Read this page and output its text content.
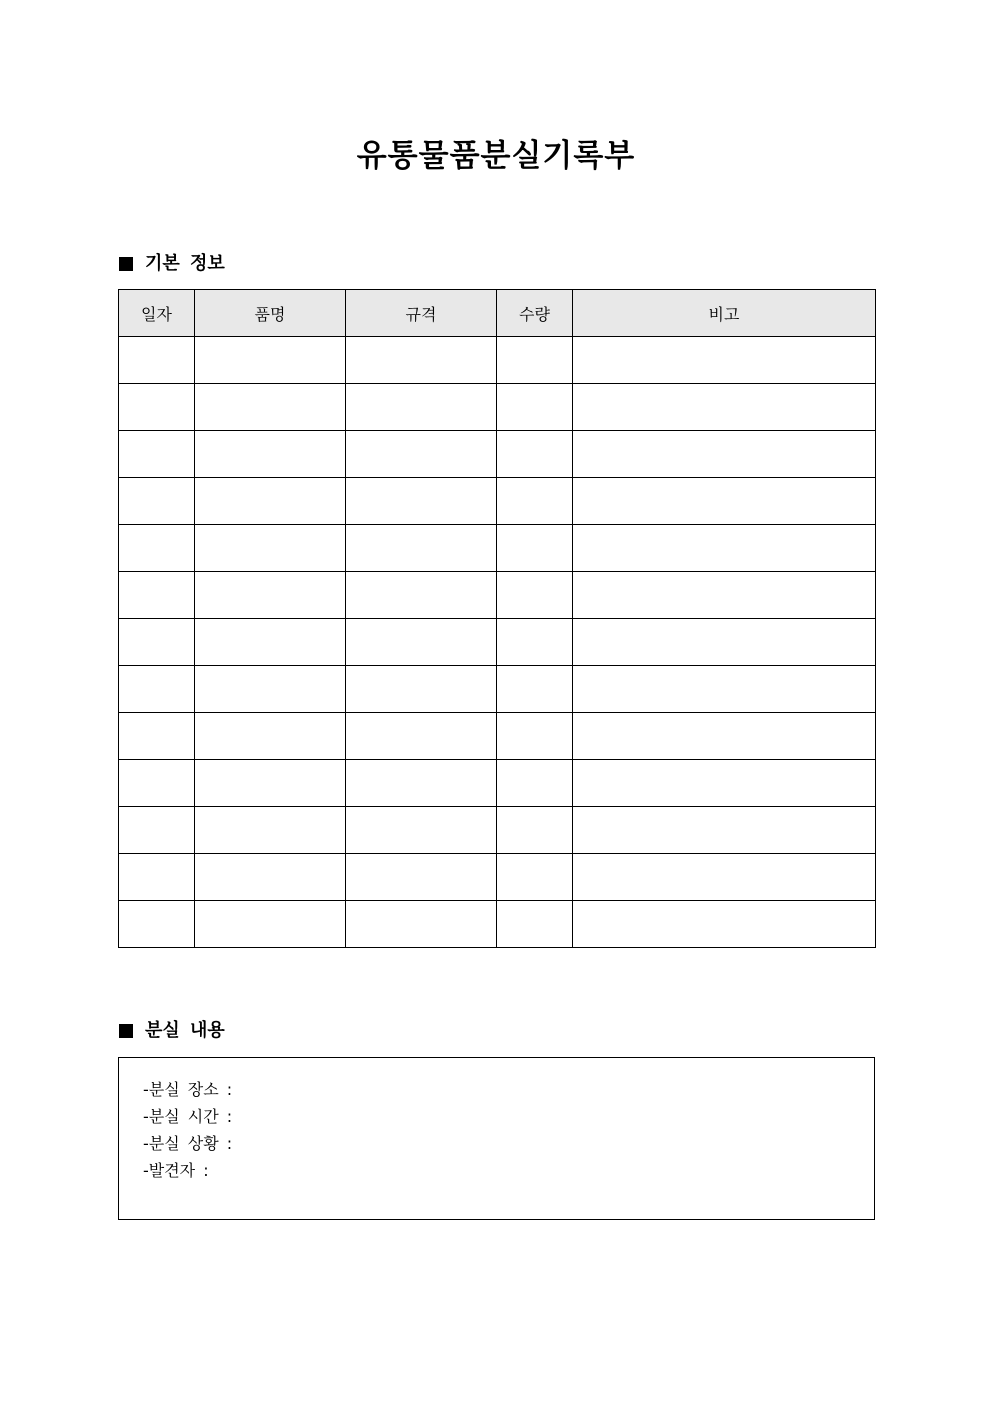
유통물품분실기록부
기본 정보
일자	품명	규격	수량	비고

분실 내용
-분실 장소 :
-분실 시간 :
-분실 상황 :
-발견자 :
